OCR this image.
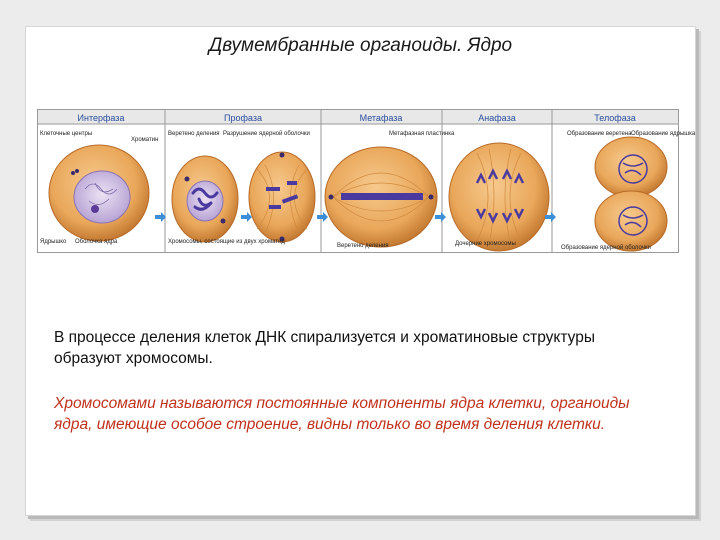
Двумембранные органоиды. Ядро
Интерфаза	Профаза	Метафаза	Анафаза	Телофаза
Клеточные центры
Хроматин
Ядрышко Оболочка ядра
Веретено деления Разрушение ядерной оболочки
Хромосомы, состоящие из двух хроматид
Метафазная пластинка
Веретено деления	Дочерние хромосомы
Образование веретена Образование ядрышка
Образование ядерной оболочки
В процессе деления клеток ДНК спирализуется и хроматиновые структуры образуют хромосомы.
Хромосомами называются постоянные компоненты ядра клетки, органоиды ядра, имеющие особое строение, видны только во время деления клетки.
